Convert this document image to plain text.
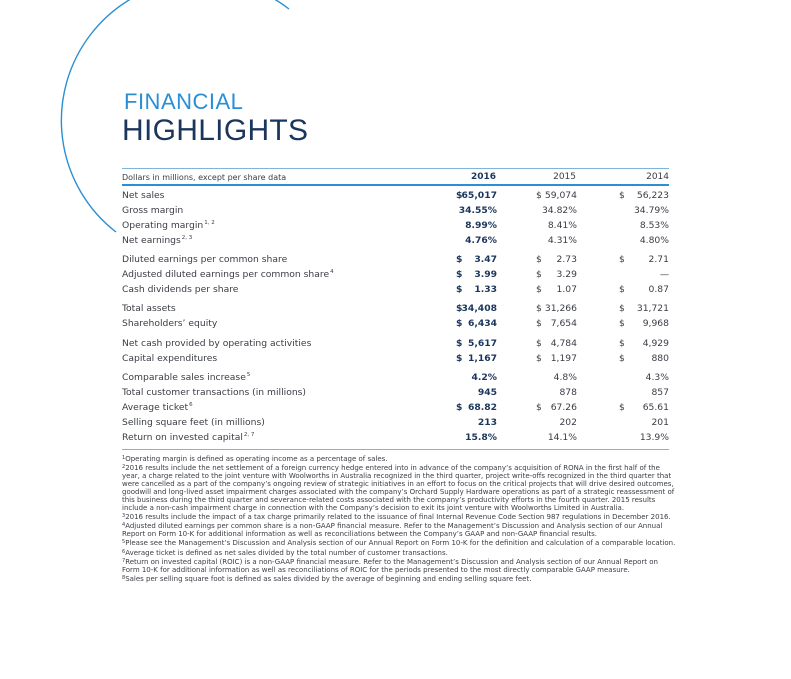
FINANCIAL
HIGHLIGHTS
Dollars in millions, except per share data	2016	2015	2014
Net sales	$ 65,017	$ 59,074	$ 56,223
Gross margin	34.55%	34.82%	34.79%
Operating margin$^{1, 2}$	8.99%	8.41%	8.53%
Net earnings$^{2, 3}$	4.76%	4.31%	4.80%
Diluted earnings per common share	$ 3.47	$ 2.73	$	2.71
Adjusted diluted earnings per common share$^4$	$ 3.99	$ 3.29	—
Cash dividends per share	$ 1.33	$ 1.07	$	0.87
Total assets	$ 34,408	$ 31,266	$ 31,721
Shareholders’ equity	$ 6,434	$ 7,654	$ 9,968
Net cash provided by operating activities	$ 5,617	$ 4,784	$ 4,929
Capital expenditures	$ 1,167	$ 1,197	$	880
Comparable sales increase$^5$	4.2%	4.8%	4.3%
Total customer transactions (in millions)	945	878	857
Average ticket$^6$	$ 68.82	$ 67.26	$ 65.61
Selling square feet (in millions)	213	202	201
Return on invested capital$^{2, 7}$	15.8%	14.1%	13.9%
$^1$Operating margin is defined as operating income as a percentage of sales.
$^2$2016 results include the net settlement of a foreign currency hedge entered into in advance of the company’s acquisition of RONA in the first half of the year, a charge related to the joint venture with Woolworths in Australia recognized in the third quarter, project write-offs recognized in the third quarter that were cancelled as a part of the company’s ongoing review of strategic initiatives in an effort to focus on the critical projects that will drive desired outcomes, goodwill and long-lived asset impairment charges associated with the company’s Orchard Supply Hardware operations as part of a strategic reassessment of this business during the third quarter and severance-related costs associated with the company’s productivity efforts in the fourth quarter. 2015 results include a non-cash impairment charge in connection with the Company’s decision to exit its joint venture with Woolworths Limited in Australia.
$^3$2016 results include the impact of a tax charge primarily related to the issuance of final Internal Revenue Code Section 987 regulations in December 2016.
$^4$Adjusted diluted earnings per common share is a non-GAAP financial measure. Refer to the Management’s Discussion and Analysis section of our Annual Report on Form 10-K for additional information as well as reconciliations between the Company’s GAAP and non-GAAP financial results.
$^5$Please see the Management’s Discussion and Analysis section of our Annual Report on Form 10-K for the definition and calculation of a comparable location.
$^6$Average ticket is defined as net sales divided by the total number of customer transactions.
$^7$Return on invested capital (ROIC) is a non-GAAP financial measure. Refer to the Management’s Discussion and Analysis section of our Annual Report on Form 10-K for additional information as well as reconciliations of ROIC for the periods presented to the most directly comparable GAAP measure.
$^8$Sales per selling square foot is defined as sales divided by the average of beginning and ending selling square feet.
